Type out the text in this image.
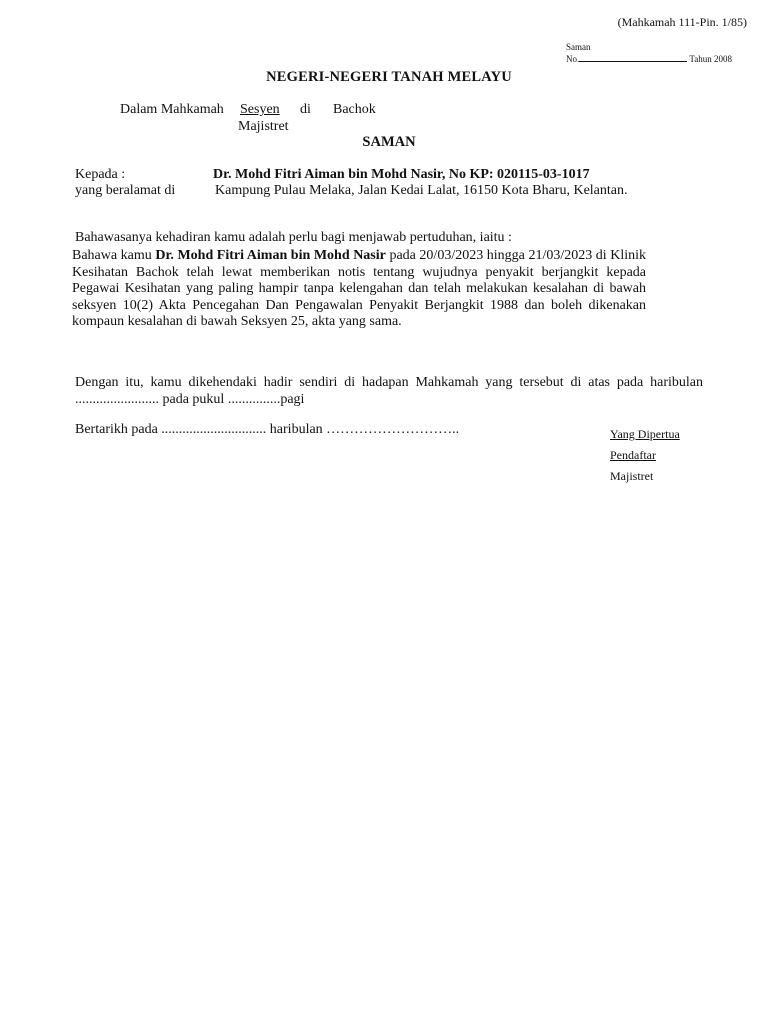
(Mahkamah 111-Pin. 1/85)
Saman
No.	Tahun 2008
NEGERI-NEGERI TANAH MELAYU
Dalam Mahkamah Sesyen di Bachok
Majistret
SAMAN
Kepada :	Dr. Mohd Fitri Aiman bin Mohd Nasir, No KP: 020115-03-1017
yang beralamat di	Kampung Pulau Melaka, Jalan Kedai Lalat, 16150 Kota Bharu, Kelantan.
Bahawasanya kehadiran kamu adalah perlu bagi menjawab pertuduhan, iaitu :
Bahawa kamu Dr. Mohd Fitri Aiman bin Mohd Nasir pada 20/03/2023 hingga 21/03/2023 di Klinik Kesihatan Bachok telah lewat memberikan notis tentang wujudnya penyakit berjangkit kepada Pegawai Kesihatan yang paling hampir tanpa kelengahan dan telah melakukan kesalahan di bawah seksyen 10(2) Akta Pencegahan Dan Pengawalan Penyakit Berjangkit 1988 dan boleh dikenakan kompaun kesalahan di bawah Seksyen 25, akta yang sama.
Dengan itu, kamu dikehendaki hadir sendiri di hadapan Mahkamah yang tersebut di atas pada haribulan ........................ pada pukul ...............pagi
Bertarikh pada .............................. haribulan ………………………..	Yang Dipertua
Pendaftar
Majistret
